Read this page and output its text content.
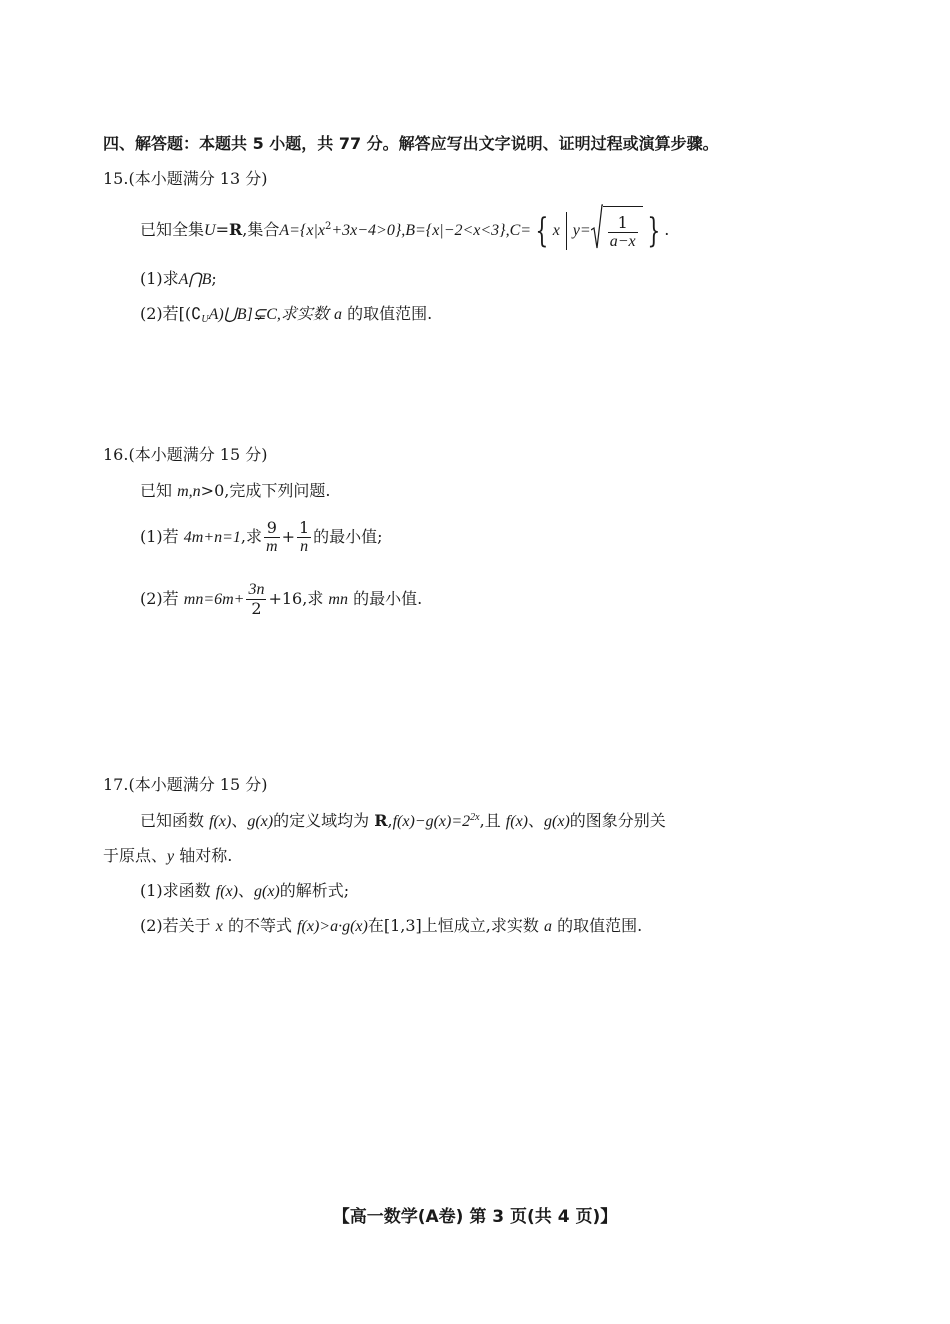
四、解答题：本题共 5 小题，共 77 分。解答应写出文字说明、证明过程或演算步骤。
15.(本小题满分 13 分)
已知全集U=R,集合$A=\{x|x^2+3x-4>0\},B=\{x|-2<x<3\},C=$ { x $y= \frac{1}{a-x}$ } .
(1)求A⋂B;
(2)若$[(∁_UA)⋃B]⊊C$,求实数 a 的取值范围.
16.(本小题满分 15 分)
已知 m,n>0,完成下列问题.
(1)若 4m+n=1,求 $\frac{9}{m} + \frac{1}{n}$ 的最小值;
(2)若 $mn=6m+ \frac{3n}{2} +16$,求 mn 的最小值.
17.(本小题满分 15 分)
已知函数 f(x)、g(x)的定义域均为 $R,f(x)-g(x)=2^{2x}$,且 f(x)、g(x)的图象分别关
于原点、y 轴对称.
(1)求函数 f(x)、g(x)的解析式;
(2)若关于 x 的不等式 f(x)>a·g(x)在[1,3]上恒成立,求实数 a 的取值范围.
【高一数学(A卷) 第 3 页(共 4 页)】
